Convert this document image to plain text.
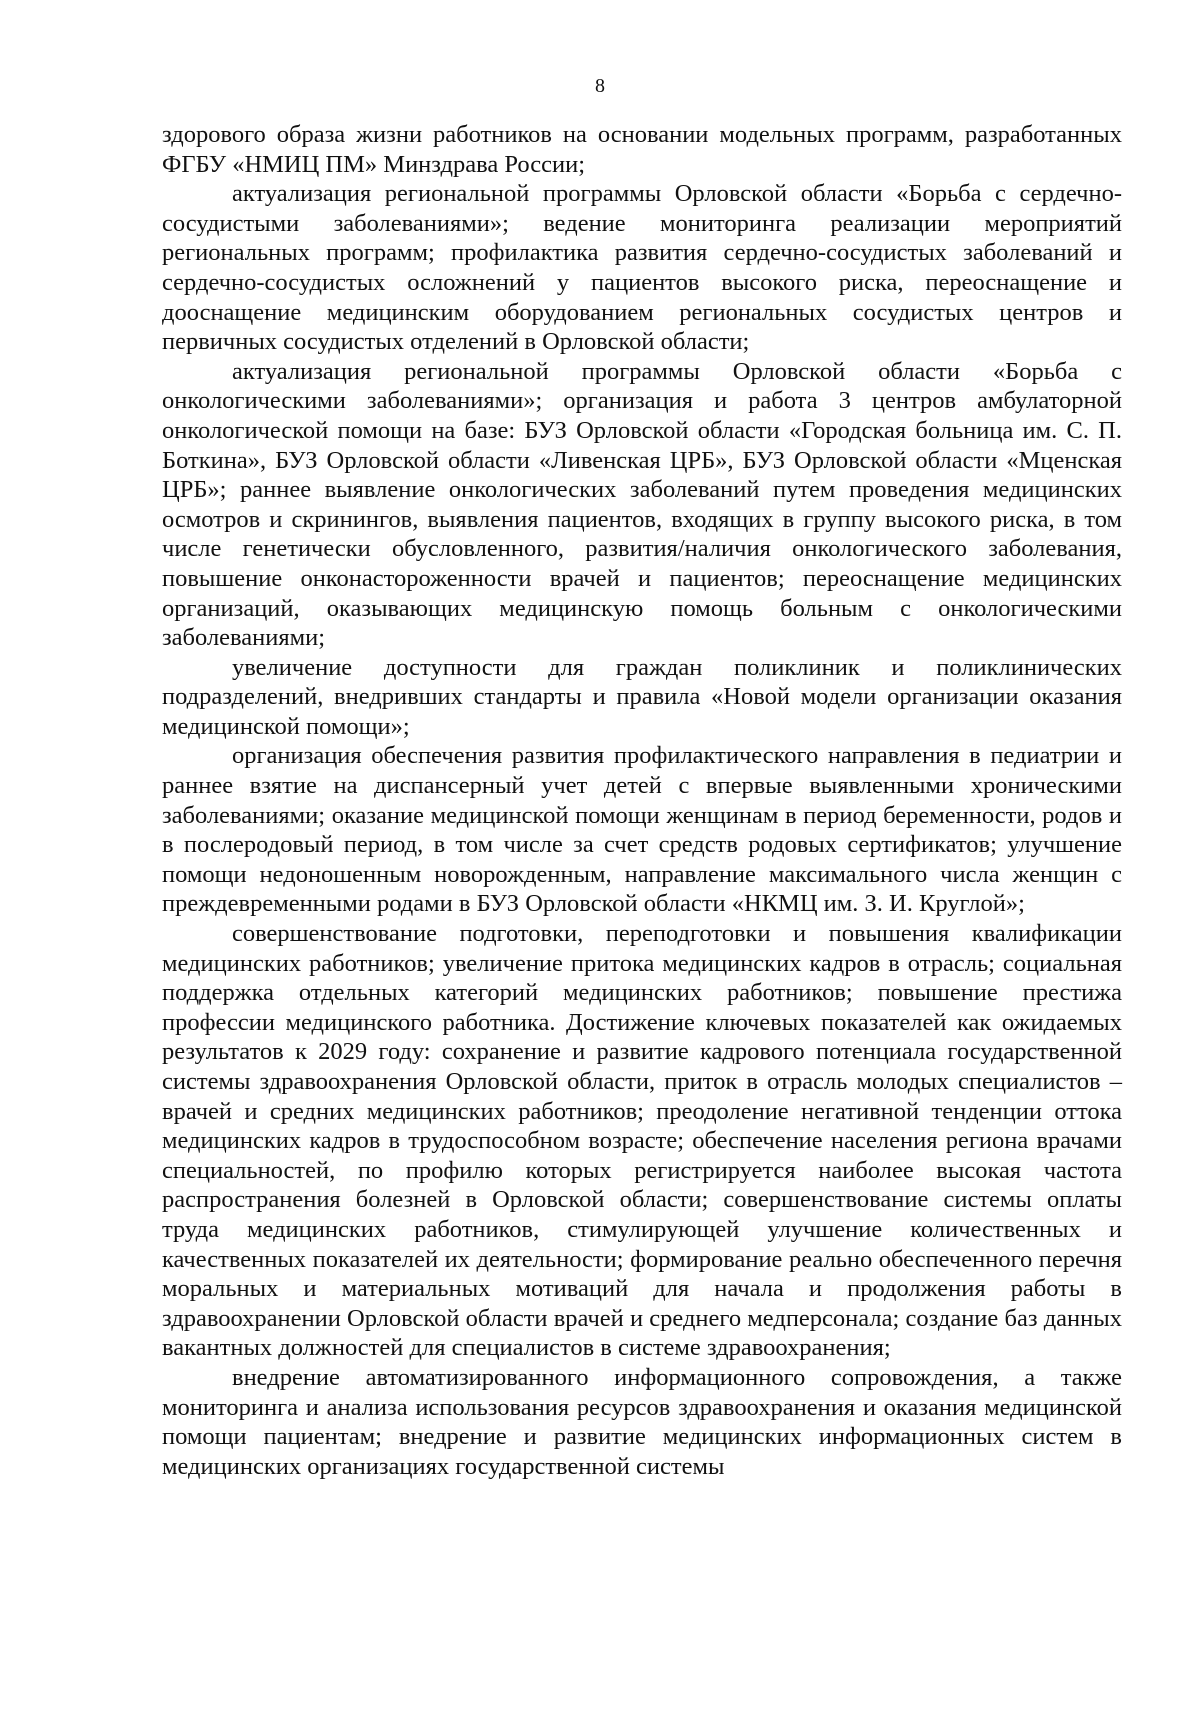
8

здорового образа жизни работников на основании модельных программ, разработанных ФГБУ «НМИЦ ПМ» Минздрава России;

актуализация региональной программы Орловской области «Борьба с сердечно-сосудистыми заболеваниями»; ведение мониторинга реализации мероприятий региональных программ; профилактика развития сердечно-сосудистых заболеваний и сердечно-сосудистых осложнений у пациентов высокого риска, переоснащение и дооснащение медицинским оборудованием региональных сосудистых центров и первичных сосудистых отделений в Орловской области;

актуализация региональной программы Орловской области «Борьба с онкологическими заболеваниями»; организация и работа 3 центров амбулаторной онкологической помощи на базе: БУЗ Орловской области «Городская больница им. С. П. Боткина», БУЗ Орловской области «Ливенская ЦРБ», БУЗ Орловской области «Мценская ЦРБ»; раннее выявление онкологических заболеваний путем проведения медицинских осмотров и скринингов, выявления пациентов, входящих в группу высокого риска, в том числе генетически обусловленного, развития/наличия онкологического заболевания, повышение онконастороженности врачей и пациентов; переоснащение медицинских организаций, оказывающих медицинскую помощь больным с онкологическими заболеваниями;

увеличение доступности для граждан поликлиник и поликлинических подразделений, внедривших стандарты и правила «Новой модели организации оказания медицинской помощи»;

организация обеспечения развития профилактического направления в педиатрии и раннее взятие на диспансерный учет детей с впервые выявленными хроническими заболеваниями; оказание медицинской помощи женщинам в период беременности, родов и в послеродовый период, в том числе за счет средств родовых сертификатов; улучшение помощи недоношенным новорожденным, направление максимального числа женщин с преждевременными родами в БУЗ Орловской области «НКМЦ им. З. И. Круглой»;

совершенствование подготовки, переподготовки и повышения квалификации медицинских работников; увеличение притока медицинских кадров в отрасль; социальная поддержка отдельных категорий медицинских работников; повышение престижа профессии медицинского работника. Достижение ключевых показателей как ожидаемых результатов к 2029 году: сохранение и развитие кадрового потенциала государственной системы здравоохранения Орловской области, приток в отрасль молодых специалистов – врачей и средних медицинских работников; преодоление негативной тенденции оттока медицинских кадров в трудоспособном возрасте; обеспечение населения региона врачами специальностей, по профилю которых регистрируется наиболее высокая частота распространения болезней в Орловской области; совершенствование системы оплаты труда медицинских работников, стимулирующей улучшение количественных и качественных показателей их деятельности; формирование реально обеспеченного перечня моральных и материальных мотиваций для начала и продолжения работы в здравоохранении Орловской области врачей и среднего медперсонала; создание баз данных вакантных должностей для специалистов в системе здравоохранения;

внедрение автоматизированного информационного сопровождения, а также мониторинга и анализа использования ресурсов здравоохранения и оказания медицинской помощи пациентам; внедрение и развитие медицинских информационных систем в медицинских организациях государственной системы
